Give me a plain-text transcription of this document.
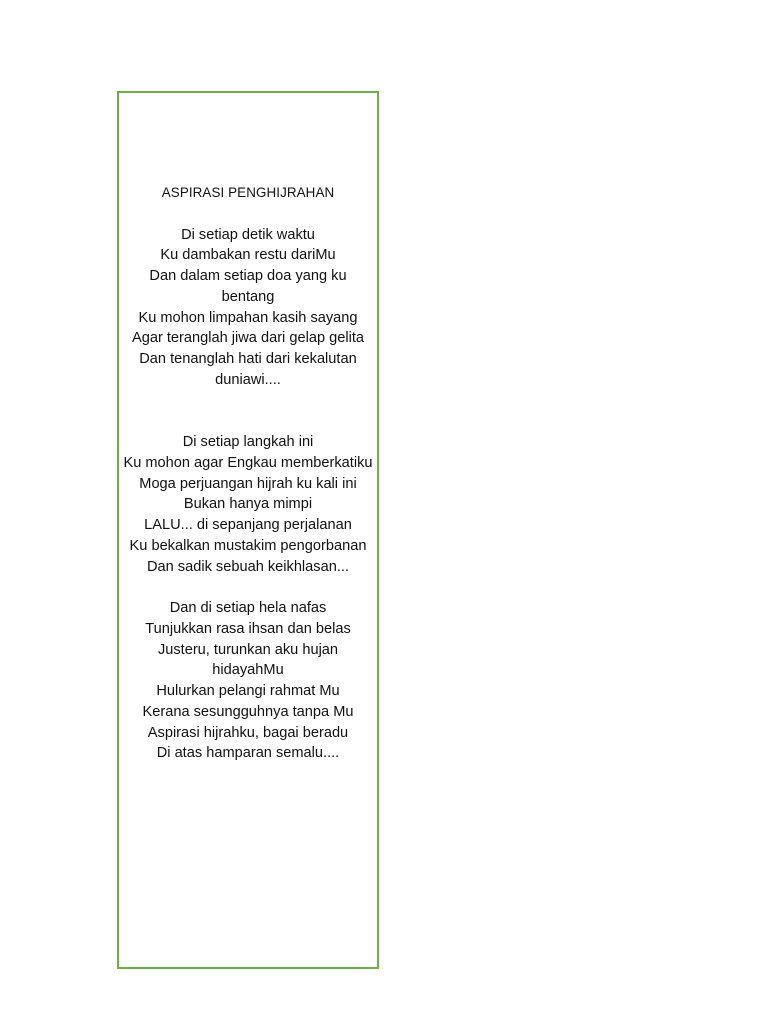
ASPIRASI PENGHIJRAHAN
Di setiap detik waktu
Ku dambakan restu dariMu
Dan dalam setiap doa yang ku bentang
Ku mohon limpahan kasih sayang
Agar teranglah jiwa dari gelap gelita
Dan tenanglah hati dari kekalutan duniawi....
Di setiap langkah ini
Ku mohon agar Engkau memberkatiku
Moga perjuangan hijrah ku kali ini
Bukan hanya mimpi
LALU... di sepanjang perjalanan
Ku bekalkan mustakim pengorbanan
Dan sadik sebuah keikhlasan...
Dan di setiap hela nafas
Tunjukkan rasa ihsan dan belas
Justeru, turunkan aku hujan hidayahMu
Hulurkan pelangi rahmat Mu
Kerana sesungguhnya tanpa Mu
Aspirasi hijrahku, bagai beradu
Di atas hamparan semalu....
